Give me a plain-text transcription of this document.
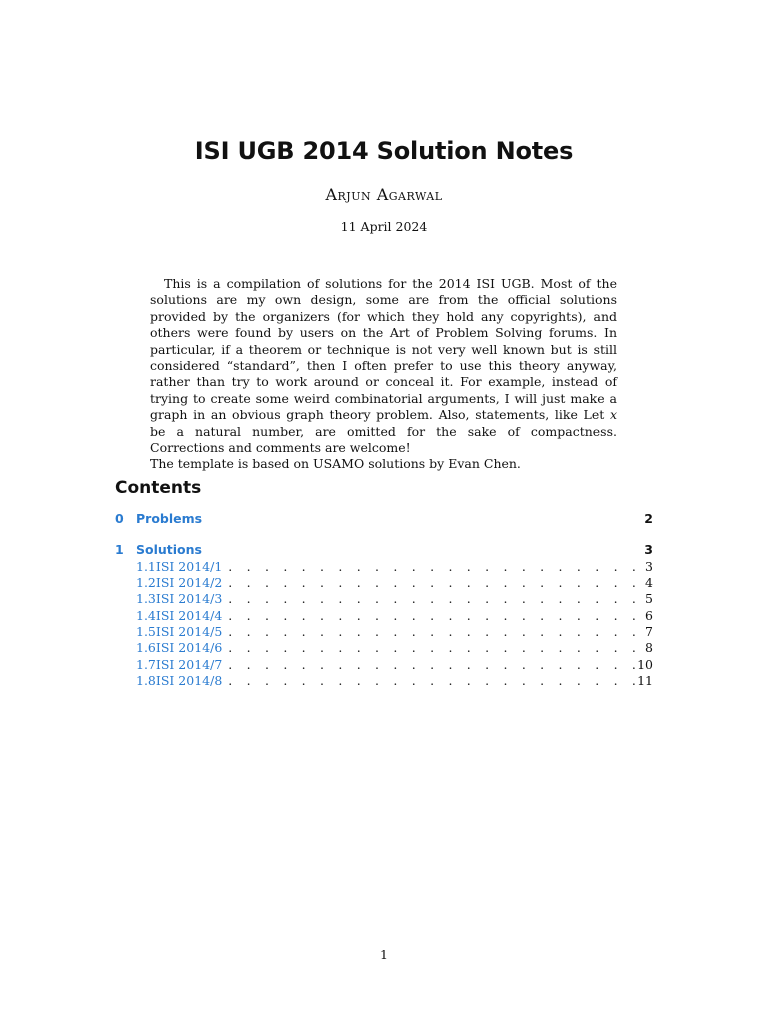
ISI UGB 2014 Solution Notes
Arjun Agarwal
11 April 2024

This is a compilation of solutions for the 2014 ISI UGB. Most of the solutions are my own design, some are from the official solutions provided by the organizers (for which they hold any copyrights), and others were found by users on the Art of Problem Solving forums. In particular, if a theorem or technique is not very well known but is still considered “standard”, then I often prefer to use this theory anyway, rather than try to work around or conceal it. For example, instead of trying to create some weird combinatorial arguments, I will just make a graph in an obvious graph theory problem. Also, statements, like Let x be a natural number, are omitted for the sake of compactness. Corrections and comments are welcome!

The template is based on USAMO solutions by Evan Chen.

Contents
0 Problems	2
1 Solutions	3
1.1 ISI 2014/1 . . .	3
1.2 ISI 2014/2 . . .	4
1.3 ISI 2014/3 . . .	5
1.4 ISI 2014/4 . . .	6
1.5 ISI 2014/5 . . .	7
1.6 ISI 2014/6 . . .	8
1.7 ISI 2014/7 . . .	10
1.8 ISI 2014/8 . . .	11
1
